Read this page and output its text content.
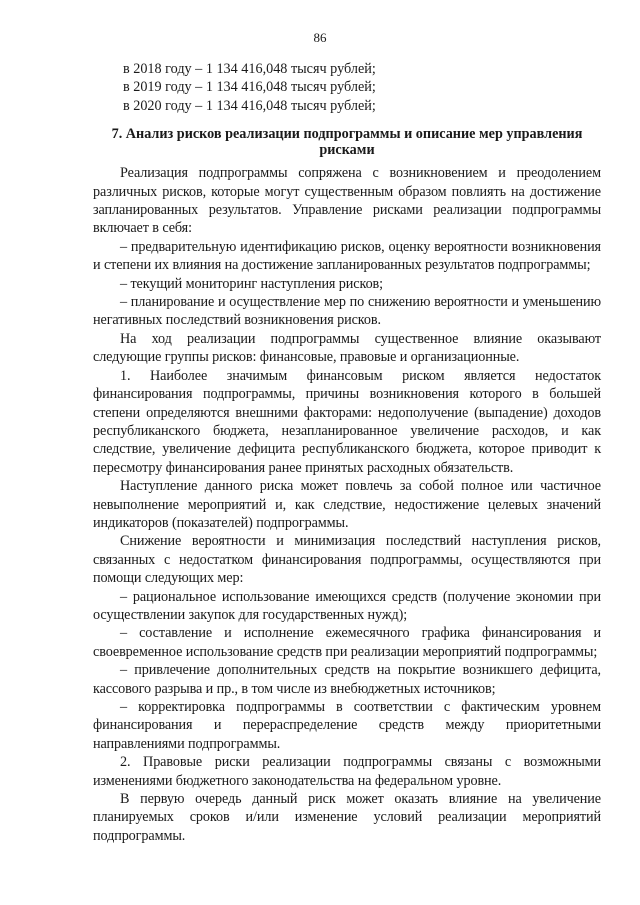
86
в 2018 году – 1 134 416,048 тысяч рублей;
в 2019 году – 1 134 416,048 тысяч рублей;
в 2020 году – 1 134 416,048 тысяч рублей;
7. Анализ рисков реализации подпрограммы и описание мер управления рисками

Реализация подпрограммы сопряжена с возникновением и преодолением различных рисков, которые могут существенным образом повлиять на достижение запланированных результатов. Управление рисками реализации подпрограммы включает в себя:

– предварительную идентификацию рисков, оценку вероятности возникновения и степени их влияния на достижение запланированных результатов подпрограммы;

– текущий мониторинг наступления рисков;

– планирование и осуществление мер по снижению вероятности и уменьшению негативных последствий возникновения рисков.

На ход реализации подпрограммы существенное влияние оказывают следующие группы рисков: финансовые, правовые и организационные.

1. Наиболее значимым финансовым риском является недостаток финансирования подпрограммы, причины возникновения которого в большей степени определяются внешними факторами: недополучение (выпадение) доходов республиканского бюджета, незапланированное увеличение расходов, и как следствие, увеличение дефицита республиканского бюджета, которое приводит к пересмотру финансирования ранее принятых расходных обязательств.

Наступление данного риска может повлечь за собой полное или частичное невыполнение мероприятий и, как следствие, недостижение целевых значений индикаторов (показателей) подпрограммы.

Снижение вероятности и минимизация последствий наступления рисков, связанных с недостатком финансирования подпрограммы, осуществляются при помощи следующих мер:

– рациональное использование имеющихся средств (получение экономии при осуществлении закупок для государственных нужд);

– составление и исполнение ежемесячного графика финансирования и своевременное использование средств при реализации мероприятий подпрограммы;

– привлечение дополнительных средств на покрытие возникшего дефицита, кассового разрыва и пр., в том числе из внебюджетных источников;

– корректировка подпрограммы в соответствии с фактическим уровнем финансирования и перераспределение средств между приоритетными направлениями подпрограммы.

2. Правовые риски реализации подпрограммы связаны с возможными изменениями бюджетного законодательства на федеральном уровне.

В первую очередь данный риск может оказать влияние на увеличение планируемых сроков и/или изменение условий реализации мероприятий подпрограммы.
